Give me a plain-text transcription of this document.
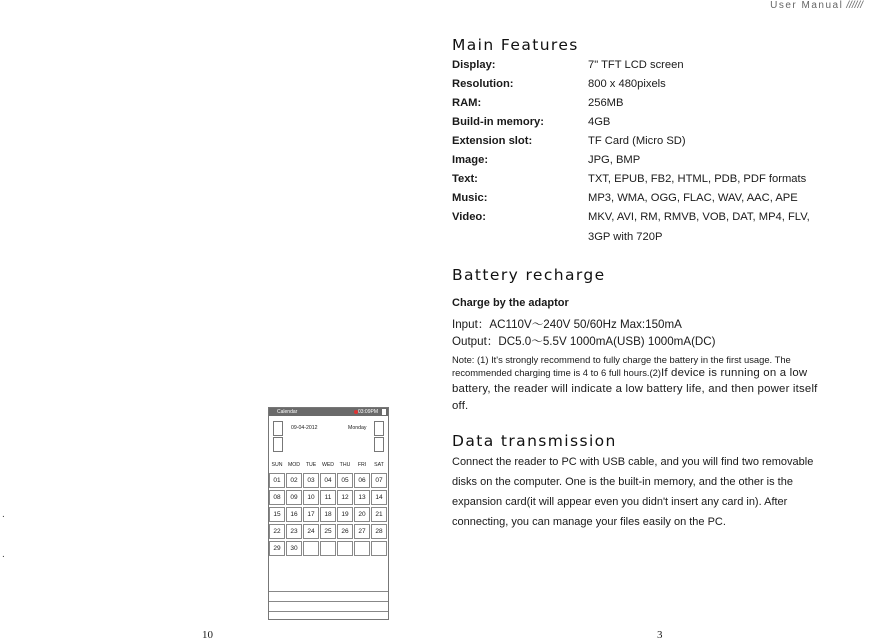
User Manual //////
.
.
Calendar	03:09PM
09-04-2012	Monday
SUN	MOD	TUE	WED	THU	FRI	SAT
01	02	03	04	05	06	07
08	09	10	11	12	13	14
15	16	17	18	19	20	21
22	23	24	25	26	27	28
29	30
10
Main Features
Display:	7" TFT LCD screen
Resolution:	800 x 480pixels
RAM:	256MB
Build-in memory:	4GB
Extension slot:	TF Card (Micro SD)
Image:	JPG, BMP
Text:	TXT, EPUB, FB2, HTML, PDB, PDF formats
Music:	MP3, WMA, OGG, FLAC, WAV, AAC, APE
Video:	MKV, AVI, RM, RMVB, VOB, DAT, MP4, FLV,
3GP with 720P
Battery recharge
Charge by the adaptor
Input：AC110V～240V 50/60Hz Max:150mA
Output：DC5.0～5.5V 1000mA(USB) 1000mA(DC)
Note: (1) It's strongly recommend to fully charge the battery in the first usage. The
recommended charging time is 4 to 6 full hours.(2)If device is running on a low
battery, the reader will indicate a low battery life, and then power itself
off.
Data transmission
Connect the reader to PC with USB cable, and you will find two removable
disks on the computer. One is the built-in memory, and the other is the
expansion card(it will appear even you didn't insert any card in). After
connecting, you can manage your files easily on the PC.
3
